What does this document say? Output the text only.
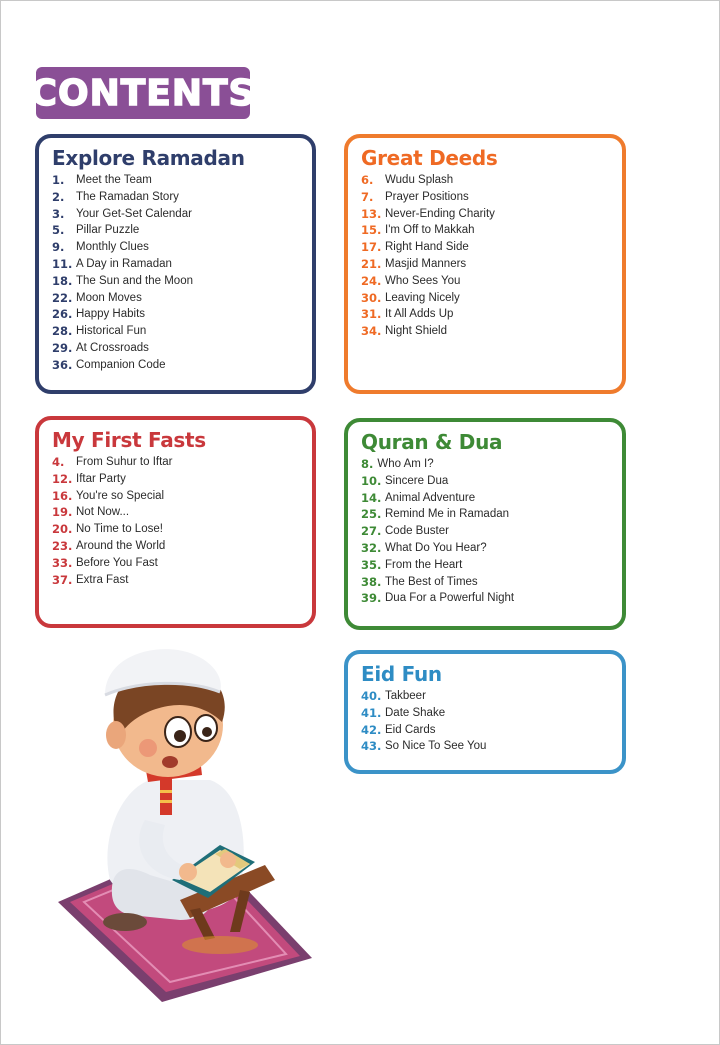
CONTENTS
Explore Ramadan
1.	Meet the Team
2.	The Ramadan Story
3.	Your Get-Set Calendar
5.	Pillar Puzzle
9.	Monthly Clues
11. A Day in Ramadan
18. The Sun and the Moon
22. Moon Moves
26. Happy Habits
28. Historical Fun
29. At Crossroads
36. Companion Code
Great Deeds
6.	Wudu Splash
7.	Prayer Positions
13. Never-Ending Charity
15. I'm Off to Makkah
17. Right Hand Side
21. Masjid Manners
24. Who Sees You
30. Leaving Nicely
31. It All Adds Up
34. Night Shield
My First Fasts
4.	From Suhur to Iftar
12. Iftar Party
16. You're so Special
19. Not Now...
20. No Time to Lose!
23. Around the World
33. Before You Fast
37. Extra Fast
Quran & Dua
8. Who Am I?
10. Sincere Dua
14. Animal Adventure
25. Remind Me in Ramadan
27. Code Buster
32. What Do You Hear?
35. From the Heart
38. The Best of Times
39. Dua For a Powerful Night
Eid Fun
40. Takbeer
41. Date Shake
42. Eid Cards
43. So Nice To See You
